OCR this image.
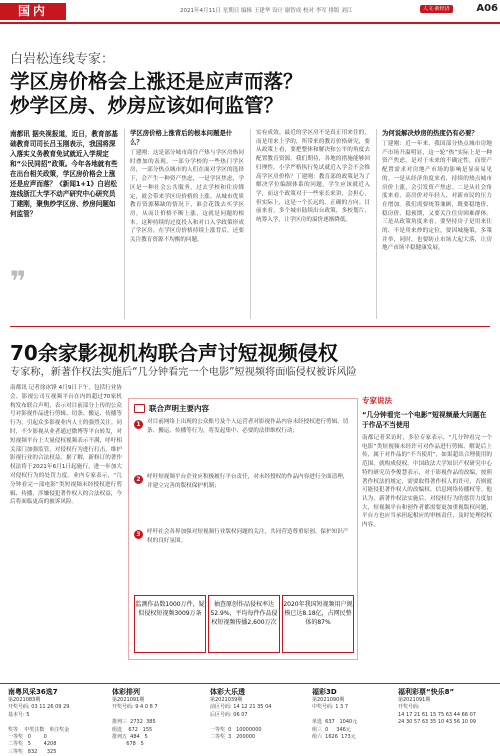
国内	2021年4月11日 星期日 编辑 王建华 设计 谢智成 校对 李军 排版 刘江	人文·新经济	A06
白岩松连线专家：
学区房价格会上涨还是应声而落？
炒学区房、炒房应该如何监管？
南都讯 据央视报道，近日，教育部基础教育司司长吕玉刚表示，我国将深入落实义务教育免试就近入学规定和“公民同招”政策。今年各地就有些在出台相关政策，学区房价格会上涨还是应声而落？《新闻1+1》白岩松连线浙江大学不动产研究中心研究员丁建刚，聚焦炒学区房、炒房问题如何监管？
❞
学区房价格上涨背后的根本问题是什么？
丁建刚：这是部分城市商住产热与学区房热同时叠加的表现。一部分学校的一些热门学区房，一部分热点城市的人们在面对学区的选择下，会产生一种资产焦虑，一是学区焦虑，学区是一种社会公共服务，过去学校和住房绑定，就会带来学区房价格的上涨。从城市优质教育资源稀缺的情况下，谁会花钱去买学区房，从而让价格不断上涨，这就是问题的根本。这种持续的过度投入和对口入学政策形成了学区房。在学区房价格持续上涨背后，还要关注教育资源不均衡的问题。
实有成效。最近的学区房不是真正用来住的，而是用来上学的，所带来的教育价格研究，要从政策上看，要把整体和解决和公平的角度去配置教育资源。我们期待，各地的措施能够回归理性。小学严格执行免试就近入学会不会推高学区房价格？丁建刚：教育部的政策是为了解决学位编制体系的问题，学生应该就近入学，而这个政策对于一些家长来讲，会担心，但实际上，这是一个长远的、正确的方向。目前来看，多个城市陆续出台政策，多校划片、统筹入学，让学区房的溢价逐渐降低。
为何说解决炒房的热度仍有必要？
丁建刚：近一年来，我国部分热点城市房地产市场升温明显，这一轮“热”实际上是一种资产焦虑，是对于未来的不确定性，而资产配置需求对房地产市场的影响是显而易见的。一是从经济角度来看，持续的热点城市房价上涨，会引发资产焦虑。二是从社会角度来看，高房价对年轻人、对新市民的压力在增加。我们需要统筹兼顾，既要稳地价、稳房价、稳预期，又要关注住房困难群体。三是从政策角度来看，要坚持房子是用来住的、不是用来炒的定位，要因城施策，多策并举，同时，也要防止市场大起大落，让房地产市场平稳健康发展。
70余家影视机构联合声讨短视频侵权
专家称，新著作权法实施后“几分钟看完一个电影”短视频将面临侵权被诉风险
南都讯 记者徐冰锋 4月9日下午，包括行业协会、影视公司互视频平台在内的超过70家机构发布联合声明，表示对目前部分上传的公众号对影视作品进行剪辑、切条、搬运、传播等行为，引起众多影视业内人士的强烈关注。同时，不少影视从业者通过微博等平台转发，对短视频平台上大量侵权视频表示不满，呼吁相关部门加强监管，对侵权行为进行打击，维护影视行业的合法权益。据了解，新修订的著作权法将于2021年6月1日起施行，进一步加大对侵权行为的处罚力度。业内专家表示，“几分钟看完一部电影”类短视频未经授权进行剪辑、传播，涉嫌侵犯著作权人的合法权益，今后将面临更高的被诉风险。
联合声明主要内容
1	对目前网络上出现的公众账号及个人运营者对影视作品内容未经授权进行剪辑、切条、搬运、传播等行为，将发起集中、必要的法律维权行动；
2	呼吁短视频平台企业应积极履行平台责任，对未经授权的作品内容进行全面清理，并建立完善的版权保护机制；
3	呼吁社会各界加强对短视频行业版权问题的关注，共同营造尊重原创、保护知识产权的良好氛围。
监测作品数1000万件，疑似侵权短视频3009万条
抽查原创作品侵权率达52.9%，平均每件作品侵权短视频传播2,600万次
2020年我国短视频用户规模已达8.18亿，占网民整体的87%
专家说法
“几分钟看完一个电影”短视频最大问题在于作品不当使用
南都记者采访时，多位专家表示，“几分钟看完一个电影”类短视频未经许可对作品进行剪辑、解说后上传，属于对作品的“不当使用”，如果超出合理使用的范围，就构成侵权。中国政法大学知识产权研究中心特约研究员李俊慧表示，对于影视作品的改编，按照著作权法的规定，需要取得著作权人的许可，否则就可能侵犯著作权人的改编权、信息网络传播权等。他认为，新著作权法实施后，对侵权行为的惩罚力度加大，短视频平台和创作者都需要更加重视版权问题，平台方也应当承担起相应的审核责任，及时处理侵权内容。
南粤风采36选7
第2021083期
开奖号码: 03 11 26 09 29
基本号: 5

奖等    中奖注数   单注奖金
一等奖   0        0
二等奖   5        4208
三等奖   832      325
体彩排列
第2021091期
开奖号码: 9 4 0 8 7

排列三  2732  385
组选    672   155
排列五  484   5
678   5
体彩大乐透
第2021039期
前区号码: 14 12 21 35 04
后区号码: 06 07

一等奖  0   10000000
二等奖  3   200000
福彩3D
第2021090期
中奖号码: 1 3 7

单选  637   1040元
组三  0     346元
组六  1626  173元
福利彩票“快乐8”
第2021091期
开奖号码:
14 17 21 61 15 75 63 44 66 07
24 30 57 63 35 10 43 56 10 09
